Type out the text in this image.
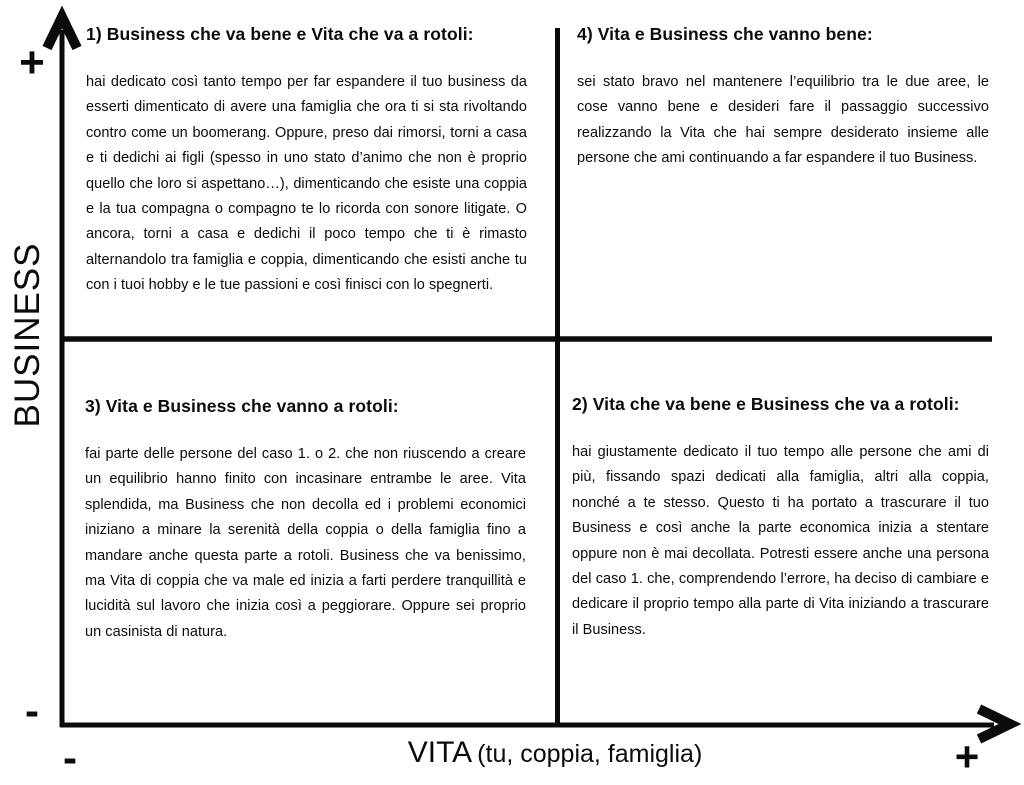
BUSINESS
+
-
-	+
VITA (tu, coppia, famiglia)
1) Business che va bene e Vita che va a rotoli:

hai dedicato così tanto tempo per far espandere il tuo business da esserti dimenticato di avere una famiglia che ora ti si sta rivoltando contro come un boomerang. Oppure, preso dai rimorsi, torni a casa e ti dedichi ai figli (spesso in uno stato d’animo che non è proprio quello che loro si aspettano…), dimenticando che esiste una coppia e la tua compagna o compagno te lo ricorda con sonore litigate. O ancora, torni a casa e dedichi il poco tempo che ti è rimasto alternandolo tra famiglia e coppia, dimenticando che esisti anche tu con i tuoi hobby e le tue passioni e così finisci con lo spegnerti.

4) Vita e Business che vanno bene:

sei stato bravo nel mantenere l’equilibrio tra le due aree, le cose vanno bene e desideri fare il passaggio successivo realizzando la Vita che hai sempre desiderato insieme alle persone che ami continuando a far espandere il tuo Business.

3) Vita e Business che vanno a rotoli:

fai parte delle persone del caso 1. o 2. che non riuscendo a creare un equilibrio hanno finito con incasinare entrambe le aree. Vita splendida, ma Business che non decolla ed i problemi economici iniziano a minare la serenità della coppia o della famiglia fino a mandare anche questa parte a rotoli. Business che va benissimo, ma Vita di coppia che va male ed inizia a farti perdere tranquillità e lucidità sul lavoro che inizia così a peggiorare. Oppure sei proprio un casinista di natura.

2) Vita che va bene e Business che va a rotoli:

hai giustamente dedicato il tuo tempo alle persone che ami di più, fissando spazi dedicati alla famiglia, altri alla coppia, nonché a te stesso. Questo ti ha portato a trascurare il tuo Business e così anche la parte economica inizia a stentare oppure non è mai decollata. Potresti essere anche una persona del caso 1. che, comprendendo l’errore, ha deciso di cambiare e dedicare il proprio tempo alla parte di Vita iniziando a trascurare il Business.
